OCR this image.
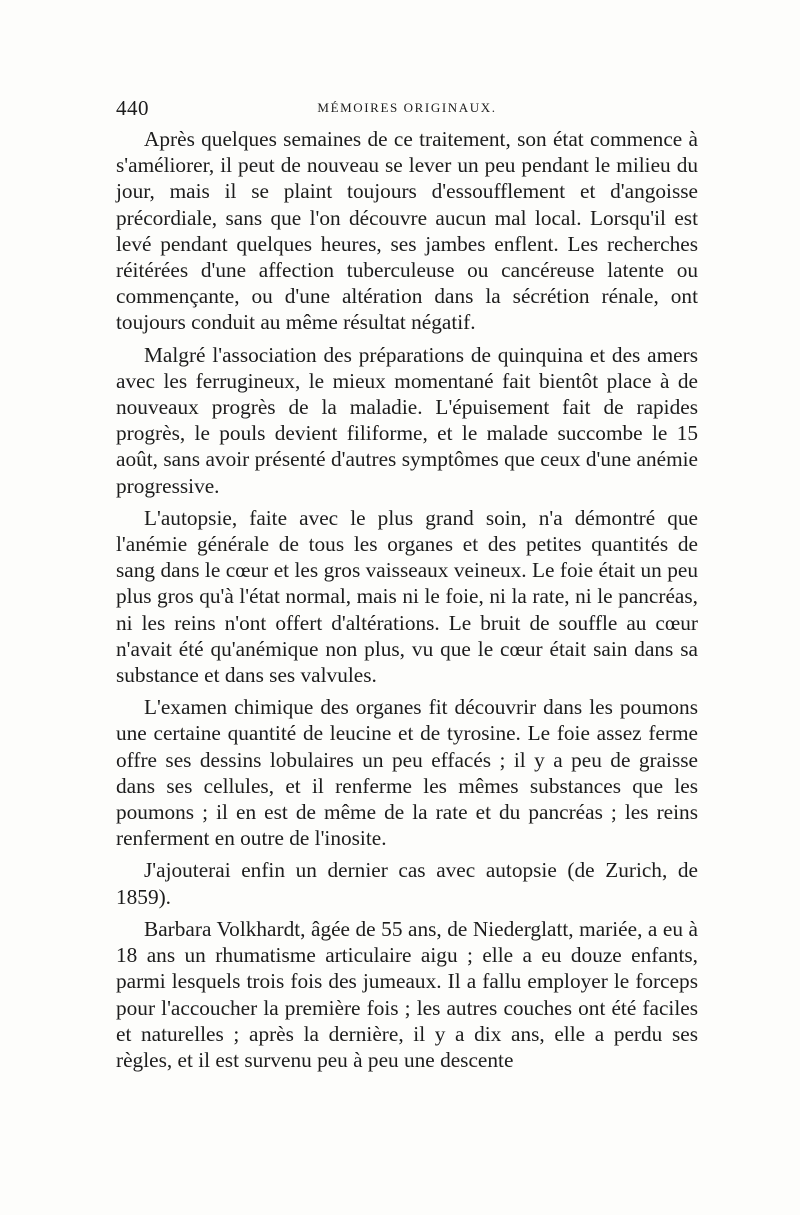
440	MÉMOIRES ORIGINAUX.

Après quelques semaines de ce traitement, son état commence à s'améliorer, il peut de nouveau se lever un peu pendant le milieu du jour, mais il se plaint toujours d'essoufflement et d'angoisse précordiale, sans que l'on découvre aucun mal local. Lorsqu'il est levé pendant quelques heures, ses jambes enflent. Les recherches réitérées d'une affection tuberculeuse ou cancéreuse latente ou commençante, ou d'une altération dans la sécrétion rénale, ont toujours conduit au même résultat négatif.

Malgré l'association des préparations de quinquina et des amers avec les ferrugineux, le mieux momentané fait bientôt place à de nouveaux progrès de la maladie. L'épuisement fait de rapides progrès, le pouls devient filiforme, et le malade succombe le 15 août, sans avoir présenté d'autres symptômes que ceux d'une anémie progressive.

L'autopsie, faite avec le plus grand soin, n'a démontré que l'anémie générale de tous les organes et des petites quantités de sang dans le cœur et les gros vaisseaux veineux. Le foie était un peu plus gros qu'à l'état normal, mais ni le foie, ni la rate, ni le pancréas, ni les reins n'ont offert d'altérations. Le bruit de souffle au cœur n'avait été qu'anémique non plus, vu que le cœur était sain dans sa substance et dans ses valvules.

L'examen chimique des organes fit découvrir dans les poumons une certaine quantité de leucine et de tyrosine. Le foie assez ferme offre ses dessins lobulaires un peu effacés ; il y a peu de graisse dans ses cellules, et il renferme les mêmes substances que les poumons ; il en est de même de la rate et du pancréas ; les reins renferment en outre de l'inosite.

J'ajouterai enfin un dernier cas avec autopsie (de Zurich, de 1859).

Barbara Volkhardt, âgée de 55 ans, de Niederglatt, mariée, a eu à 18 ans un rhumatisme articulaire aigu ; elle a eu douze enfants, parmi lesquels trois fois des jumeaux. Il a fallu employer le forceps pour l'accoucher la première fois ; les autres couches ont été faciles et naturelles ; après la dernière, il y a dix ans, elle a perdu ses règles, et il est survenu peu à peu une descente
